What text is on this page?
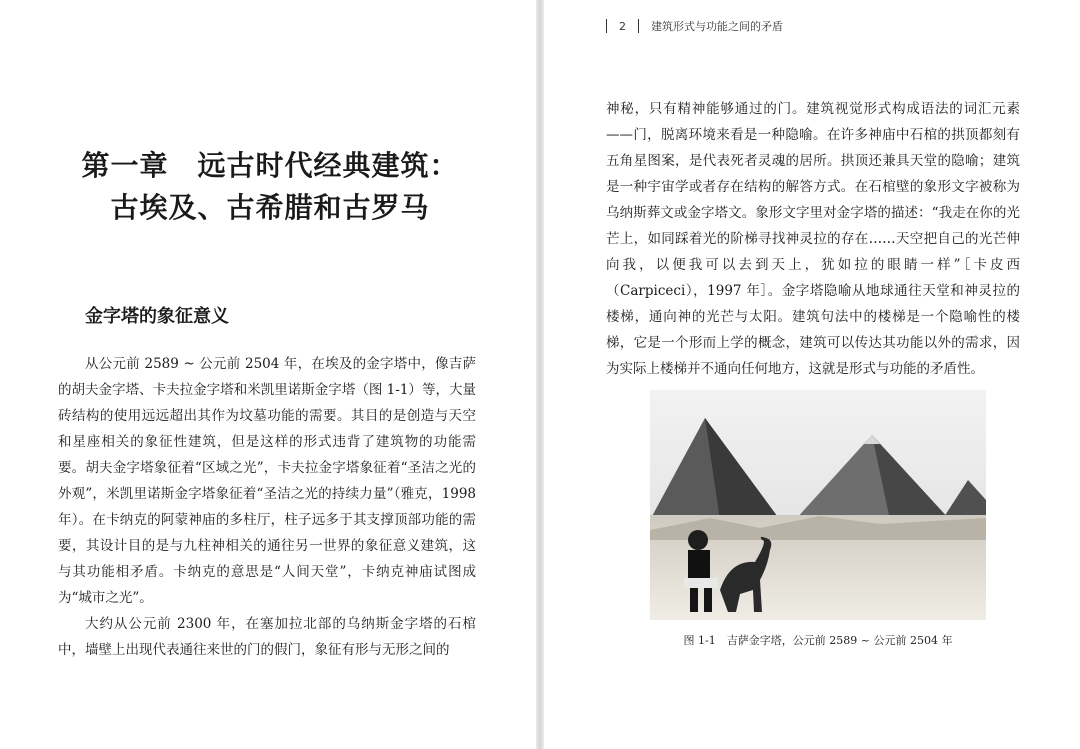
第一章　远古时代经典建筑：
古埃及、古希腊和古罗马
金字塔的象征意义

从公元前 2589 ~ 公元前 2504 年，在埃及的金字塔中，像吉萨的胡夫金字塔、卡夫拉金字塔和米凯里诺斯金字塔（图 1-1）等，大量砖结构的使用远远超出其作为坟墓功能的需要。其目的是创造与天空和星座相关的象征性建筑，但是这样的形式违背了建筑物的功能需要。胡夫金字塔象征着“区域之光”，卡夫拉金字塔象征着“圣洁之光的外观”，米凯里诺斯金字塔象征着“圣洁之光的持续力量”（雅克，1998 年）。在卡纳克的阿蒙神庙的多柱厅，柱子远多于其支撑顶部功能的需要，其设计目的是与九柱神相关的通往另一世界的象征意义建筑，这与其功能相矛盾。卡纳克的意思是“人间天堂”，卡纳克神庙试图成为“城市之光”。

大约从公元前 2300 年，在塞加拉北部的乌纳斯金字塔的石棺中，墙壁上出现代表通往来世的门的假门，象征有形与无形之间的

2 建筑形式与功能之间的矛盾

神秘，只有精神能够通过的门。建筑视觉形式构成语法的词汇元素——门，脱离环境来看是一种隐喻。在许多神庙中石棺的拱顶都刻有五角星图案，是代表死者灵魂的居所。拱顶还兼具天堂的隐喻；建筑是一种宇宙学或者存在结构的解答方式。在石棺壁的象形文字被称为乌纳斯葬文或金字塔文。象形文字里对金字塔的描述：“我走在你的光芒上，如同踩着光的阶梯寻找神灵拉的存在……天空把自己的光芒伸向我，以便我可以去到天上，犹如拉的眼睛一样”［卡皮西（Carpiceci），1997 年］。金字塔隐喻从地球通往天堂和神灵拉的楼梯，通向神的光芒与太阳。建筑句法中的楼梯是一个隐喻性的楼梯，它是一个形而上学的概念，建筑可以传达其功能以外的需求，因为实际上楼梯并不通向任何地方，这就是形式与功能的矛盾性。

图 1-1　吉萨金字塔，公元前 2589 ~ 公元前 2504 年
